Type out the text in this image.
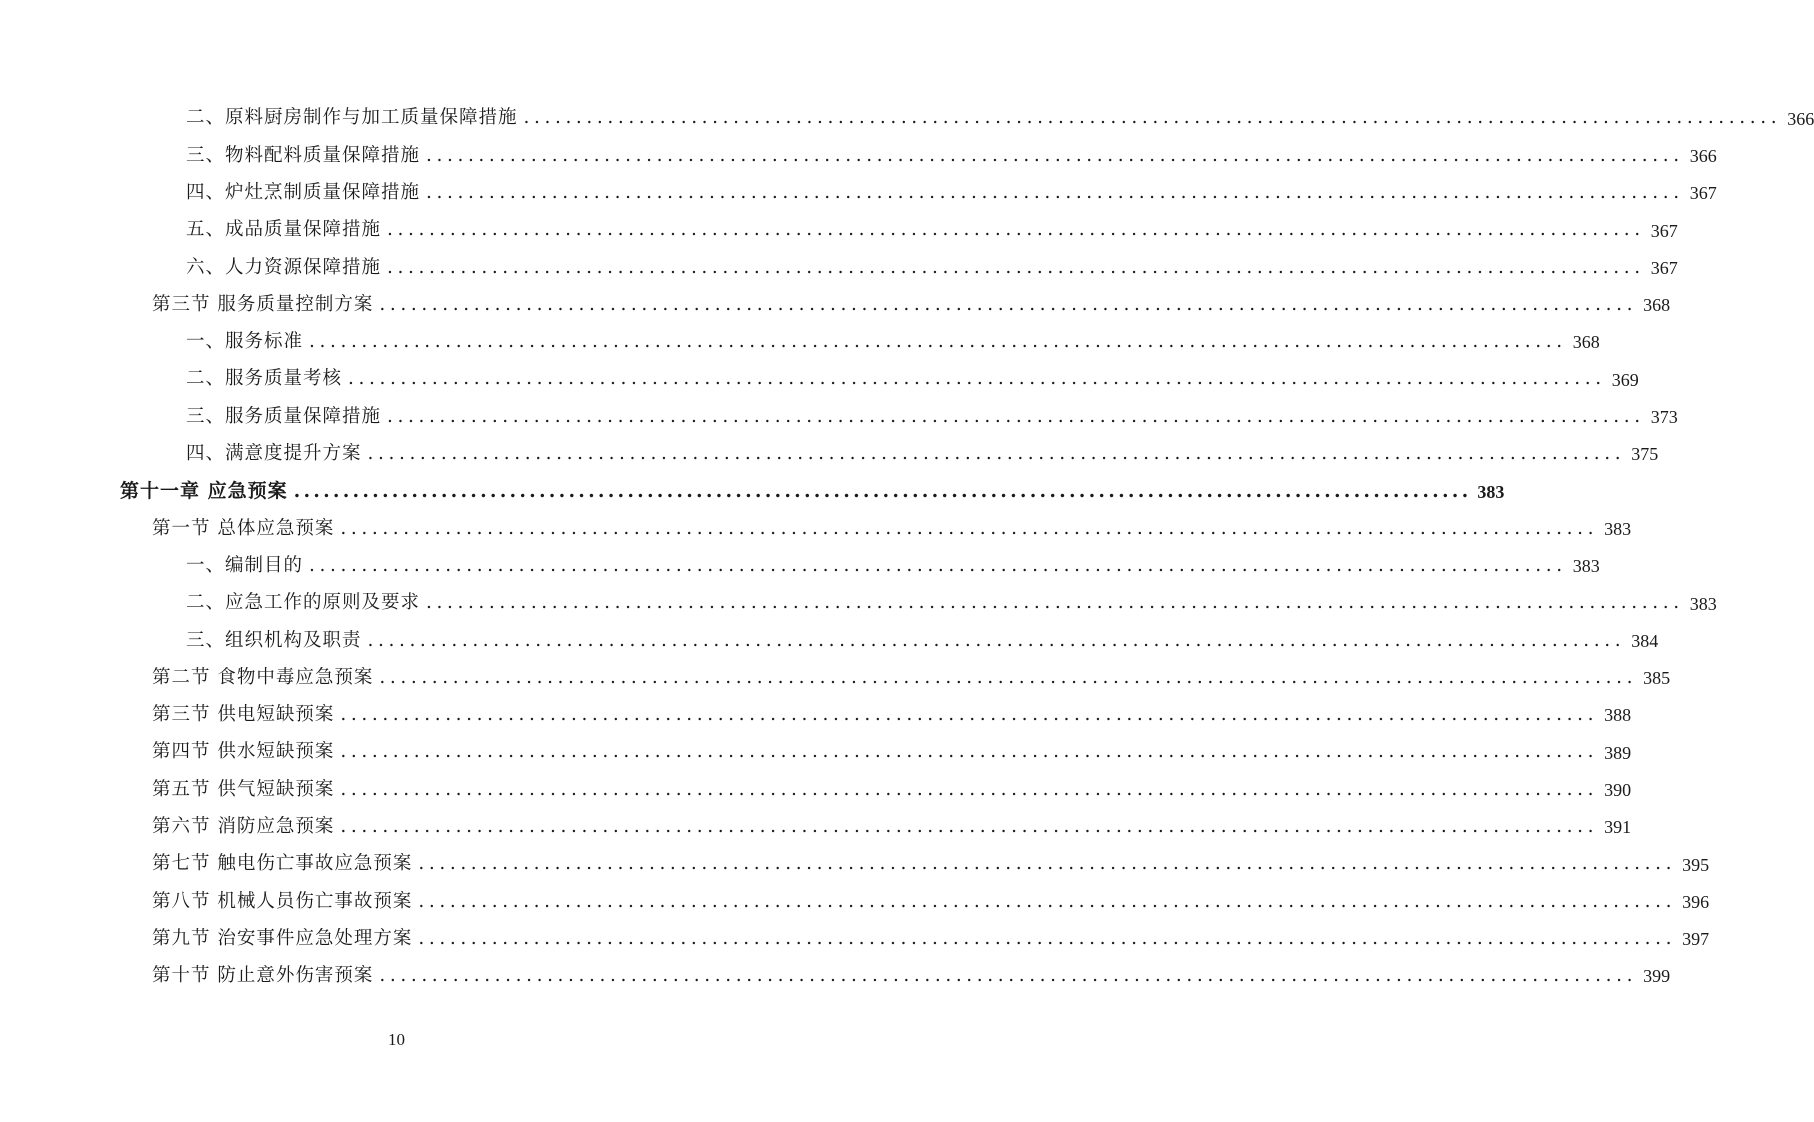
二、原料厨房制作与加工质量保障措施 ........................................................................................................................ 366
三、物料配料质量保障措施 ........................................................................................................................ 366
四、炉灶烹制质量保障措施 ........................................................................................................................ 367
五、成品质量保障措施 ........................................................................................................................ 367
六、人力资源保障措施 ........................................................................................................................ 367
第三节 服务质量控制方案 ........................................................................................................................ 368
一、服务标准 ........................................................................................................................ 368
二、服务质量考核 ........................................................................................................................ 369
三、服务质量保障措施 ........................................................................................................................ 373
四、满意度提升方案 ........................................................................................................................ 375
第十一章 应急预案 ........................................................................................................................ 383
第一节 总体应急预案 ........................................................................................................................ 383
一、编制目的 ........................................................................................................................ 383
二、应急工作的原则及要求 ........................................................................................................................ 383
三、组织机构及职责 ........................................................................................................................ 384
第二节 食物中毒应急预案 ........................................................................................................................ 385
第三节 供电短缺预案 ........................................................................................................................ 388
第四节 供水短缺预案 ........................................................................................................................ 389
第五节 供气短缺预案 ........................................................................................................................ 390
第六节 消防应急预案 ........................................................................................................................ 391
第七节 触电伤亡事故应急预案 ........................................................................................................................ 395
第八节 机械人员伤亡事故预案 ........................................................................................................................ 396
第九节 治安事件应急处理方案 ........................................................................................................................ 397
第十节 防止意外伤害预案 ........................................................................................................................ 399
10
